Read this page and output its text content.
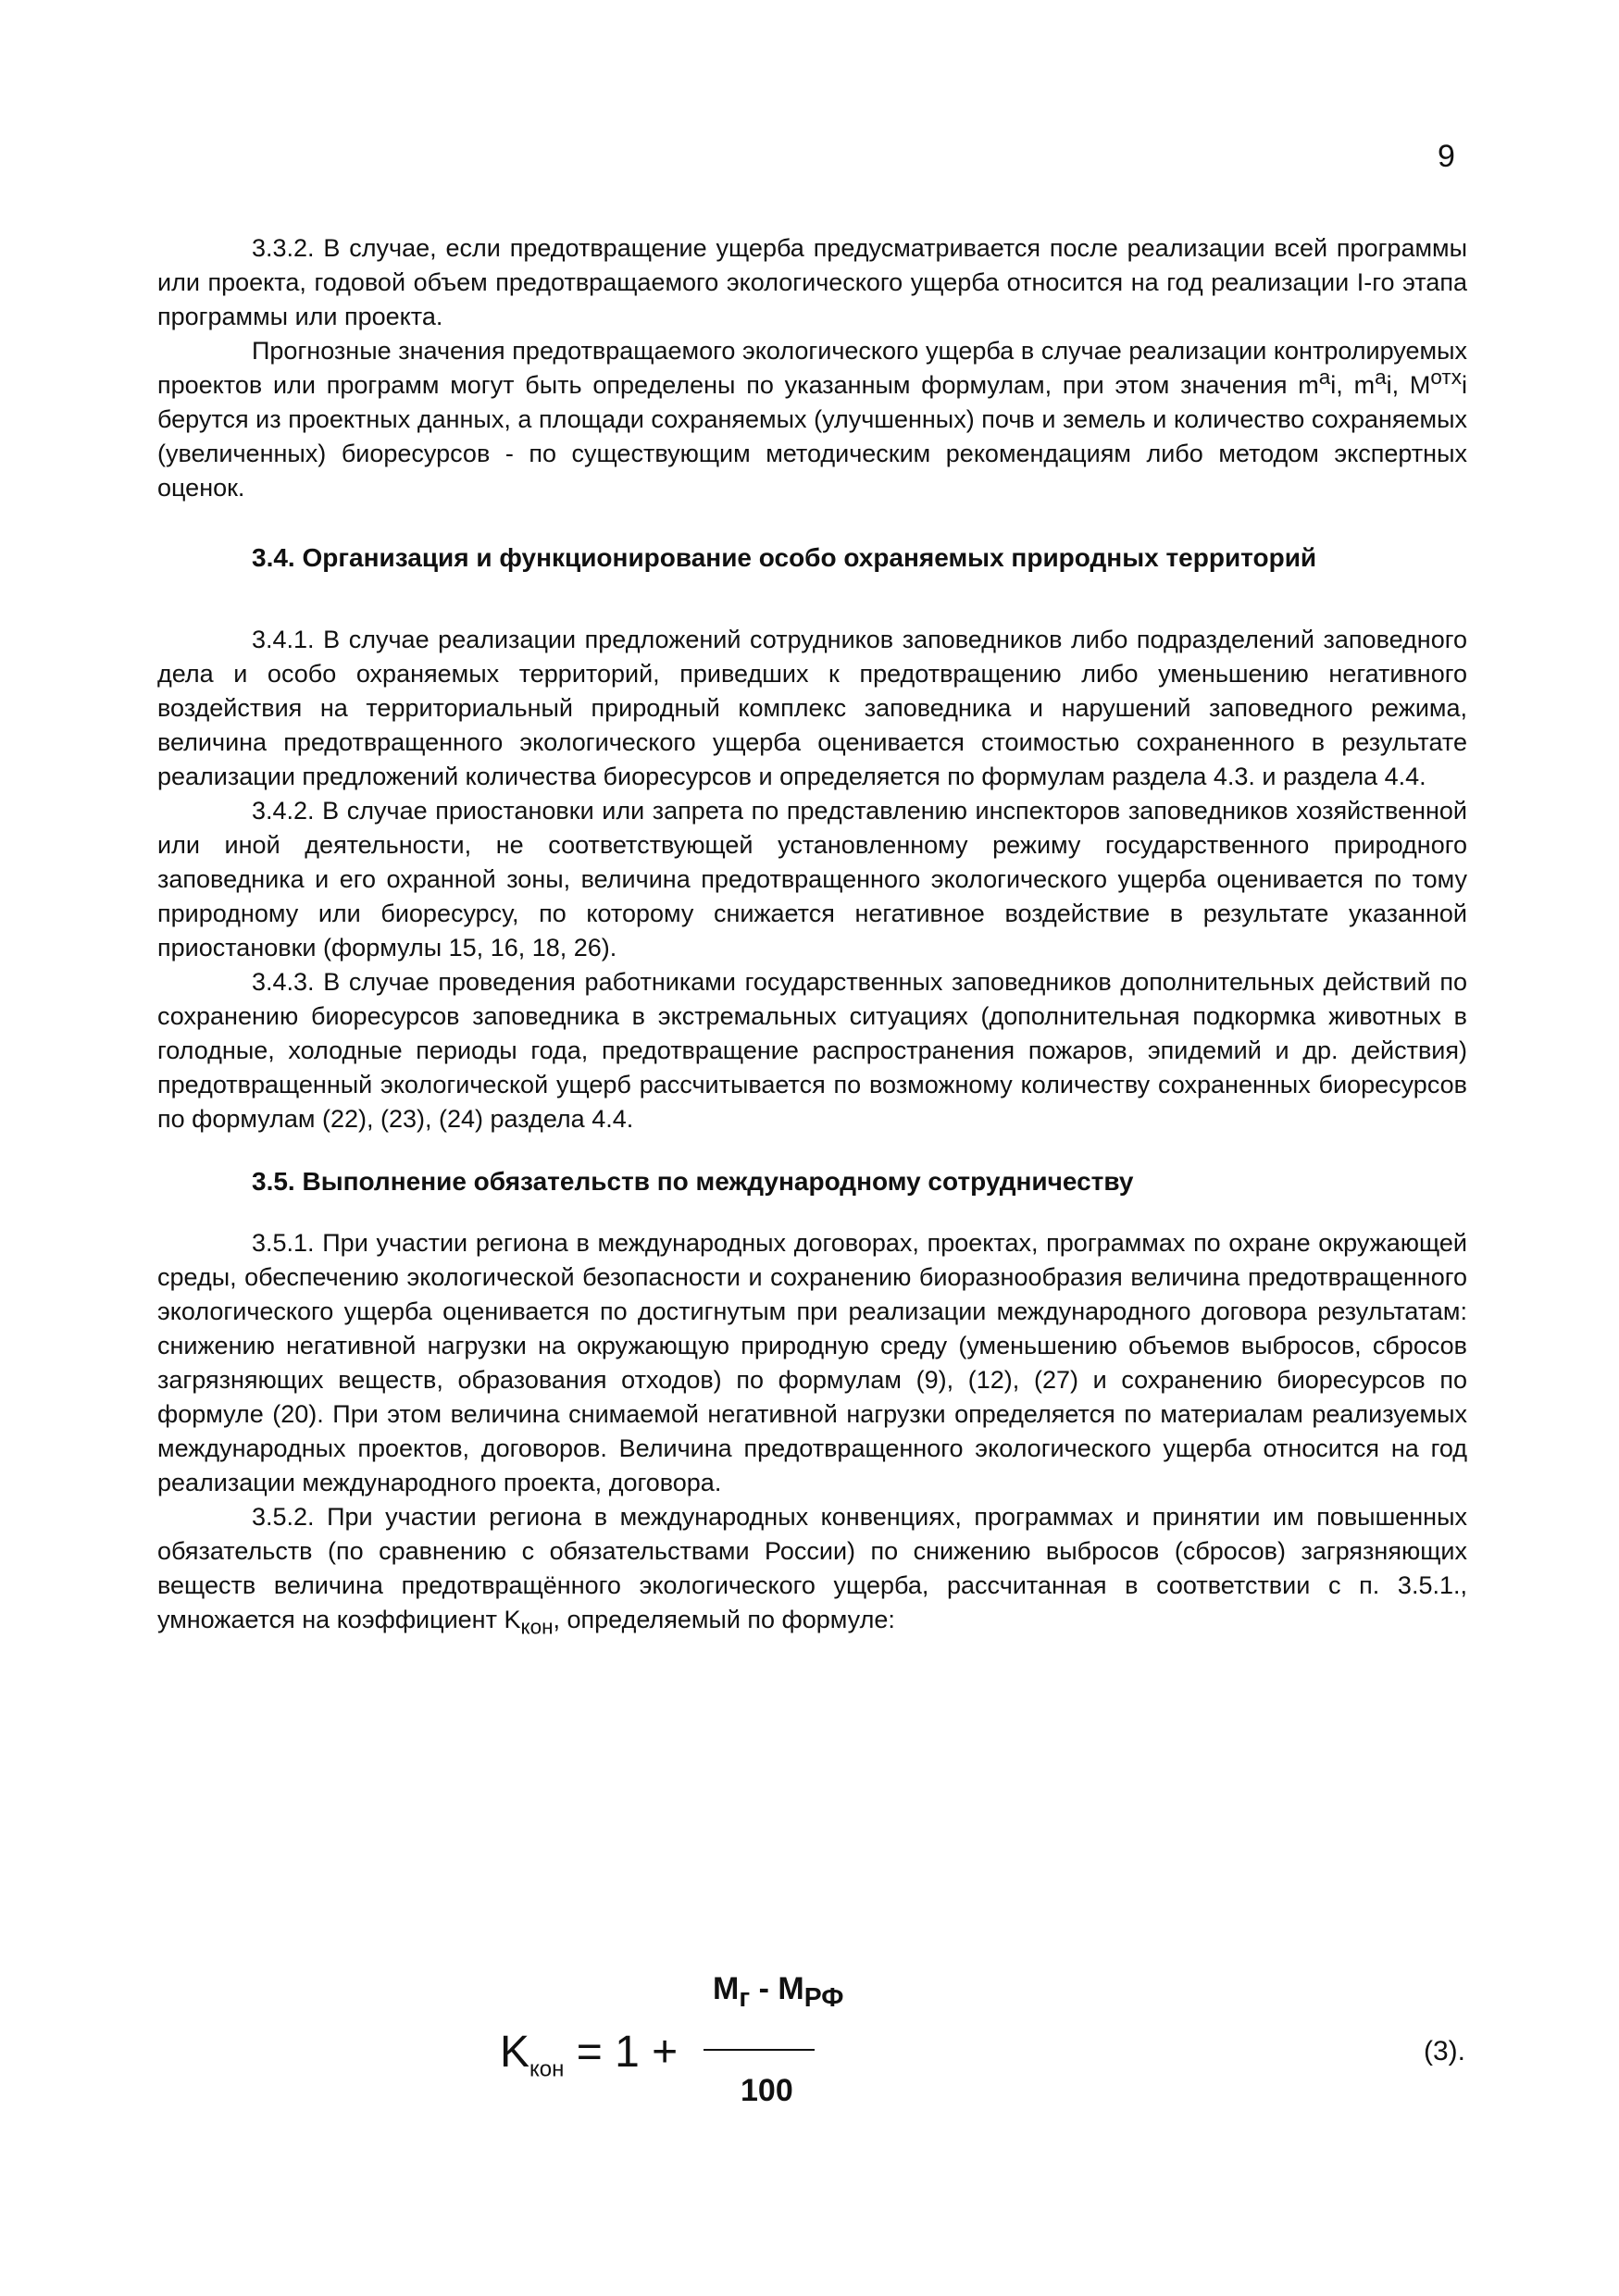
9

3.3.2. В случае, если предотвращение ущерба предусматривается после реализации всей программы или проекта, годовой объем предотвращаемого экологического ущерба относится на год реализации I-го этапа программы или проекта.

Прогнозные значения предотвращаемого экологического ущерба в случае реализации контролируемых проектов или программ могут быть определены по указанным формулам, при этом значения $m^ai$, $m^ai$, $M^{отх}i$ берутся из проектных данных, а площади сохраняемых (улучшенных) почв и земель и количество сохраняемых (увеличенных) биоресурсов - по существующим методическим рекомендациям либо методом экспертных оценок.

3.4. Организация и функционирование особо охраняемых природных территорий

3.4.1. В случае реализации предложений сотрудников заповедников либо подразделений заповедного дела и особо охраняемых территорий, приведших к предотвращению либо уменьшению негативного воздействия на территориальный природный комплекс заповедника и нарушений заповедного режима, величина предотвращенного экологического ущерба оценивается стоимостью сохраненного в результате реализации предложений количества биоресурсов и определяется по формулам раздела 4.3. и раздела 4.4.

3.4.2. В случае приостановки или запрета по представлению инспекторов заповедников хозяйственной или иной деятельности, не соответствующей установленному режиму государственного природного заповедника и его охранной зоны, величина предотвращенного экологического ущерба оценивается по тому природному или биоресурсу, по которому снижается негативное воздействие в результате указанной приостановки (формулы 15, 16, 18, 26).

3.4.3. В случае проведения работниками государственных заповедников дополнительных действий по сохранению биоресурсов заповедника в экстремальных ситуациях (дополнительная подкормка животных в голодные, холодные периоды года, предотвращение распространения пожаров, эпидемий и др. действия) предотвращенный экологической ущерб рассчитывается по возможному количеству сохраненных биоресурсов по формулам (22), (23), (24) раздела 4.4.

3.5. Выполнение обязательств по международному сотрудничеству

3.5.1. При участии региона в международных договорах, проектах, программах по охране окружающей среды, обеспечению экологической безопасности и сохранению биоразнообразия величина предотвращенного экологического ущерба оценивается по достигнутым при реализации международного договора результатам: снижению негативной нагрузки на окружающую природную среду (уменьшению объемов выбросов, сбросов загрязняющих веществ, образования отходов) по формулам (9), (12), (27) и сохранению биоресурсов по формуле (20). При этом величина снимаемой негативной нагрузки определяется по материалам реализуемых международных проектов, договоров. Величина предотвращенного экологического ущерба относится на год реализации международного проекта, договора.

3.5.2. При участии региона в международных конвенциях, программах и принятии им повышенных обязательств (по сравнению с обязательствами России) по снижению выбросов (сбросов) загрязняющих веществ величина предотвращённого экологического ущерба, рассчитанная в соответствии с п. 3.5.1., умножается на коэффициент $K_{кон}$, определяемый по формуле:

$M_г - M_{РФ}$
$K_{кон} = 1$ +
100
(3).
